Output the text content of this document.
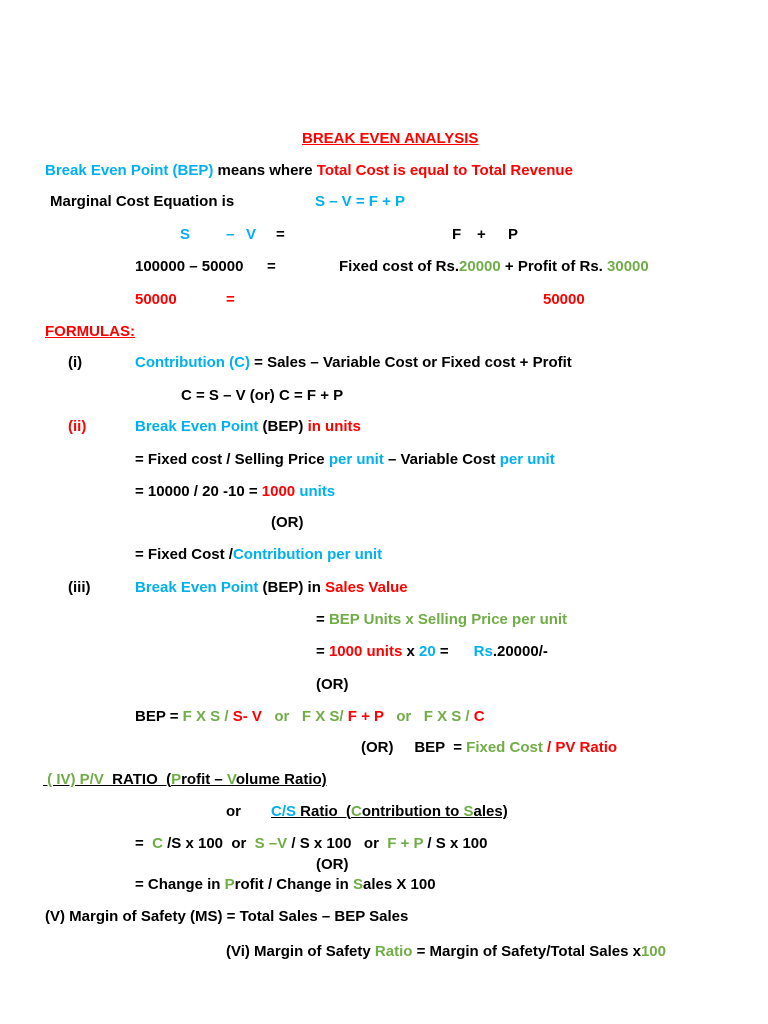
BREAK EVEN ANALYSIS
Break Even Point (BEP) means where Total Cost is equal to Total Revenue
Marginal Cost Equation is	S – V = F + P
S – V =	F + P
100000 – 50000 =	Fixed cost of Rs.20000 + Profit of Rs. 30000
50000	=	50000
FORMULAS:
(i)	Contribution (C) = Sales – Variable Cost or Fixed cost + Profit
C = S – V (or) C = F + P
(ii)	Break Even Point (BEP) in units
= Fixed cost / Selling Price per unit – Variable Cost per unit
= 10000 / 20 -10 = 1000 units
(OR)
= Fixed Cost /Contribution per unit
(iii)	Break Even Point (BEP) in Sales Value
= BEP Units x Selling Price per unit
= 1000 units x 20 =      Rs.20000/-
(OR)
BEP = F X S / S- V   or   F X S/ F + P   or   F X S / C
(OR)     BEP  = Fixed Cost / PV Ratio
( IV) P/V  RATIO  (Profit – Volume Ratio)
or C/S Ratio  (Contribution to Sales)
=  C /S x 100  or  S –V / S x 100   or  F + P / S x 100
(OR)
= Change in Profit / Change in Sales X 100
(V) Margin of Safety (MS) = Total Sales – BEP Sales
(Vi) Margin of Safety Ratio = Margin of Safety/Total Sales x100
